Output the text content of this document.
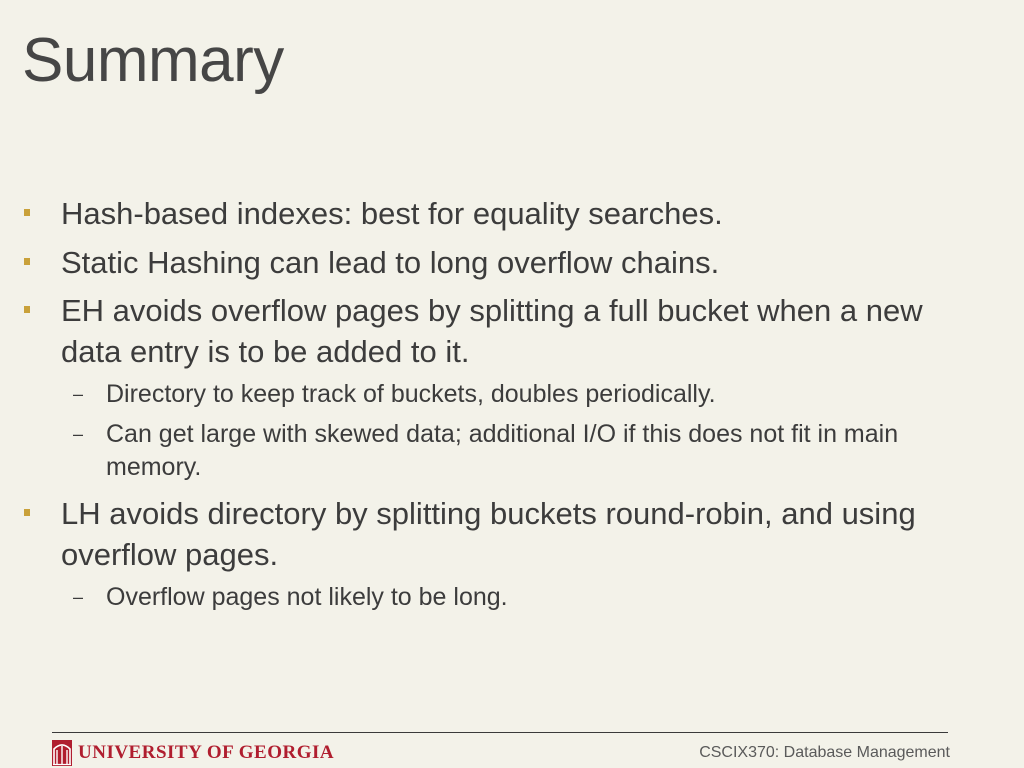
Summary
Hash-based indexes: best for equality searches.
Static Hashing can lead to long overflow chains.
EH avoids overflow pages by splitting a full bucket when a new data entry is to be added to it.
– Directory to keep track of buckets, doubles periodically.
– Can get large with skewed data; additional I/O if this does not fit in main memory.
LH avoids directory by splitting buckets round-robin, and using overflow pages.
– Overflow pages not likely to be long.
UNIVERSITY OF GEORGIA	CSCIX370: Database Management
